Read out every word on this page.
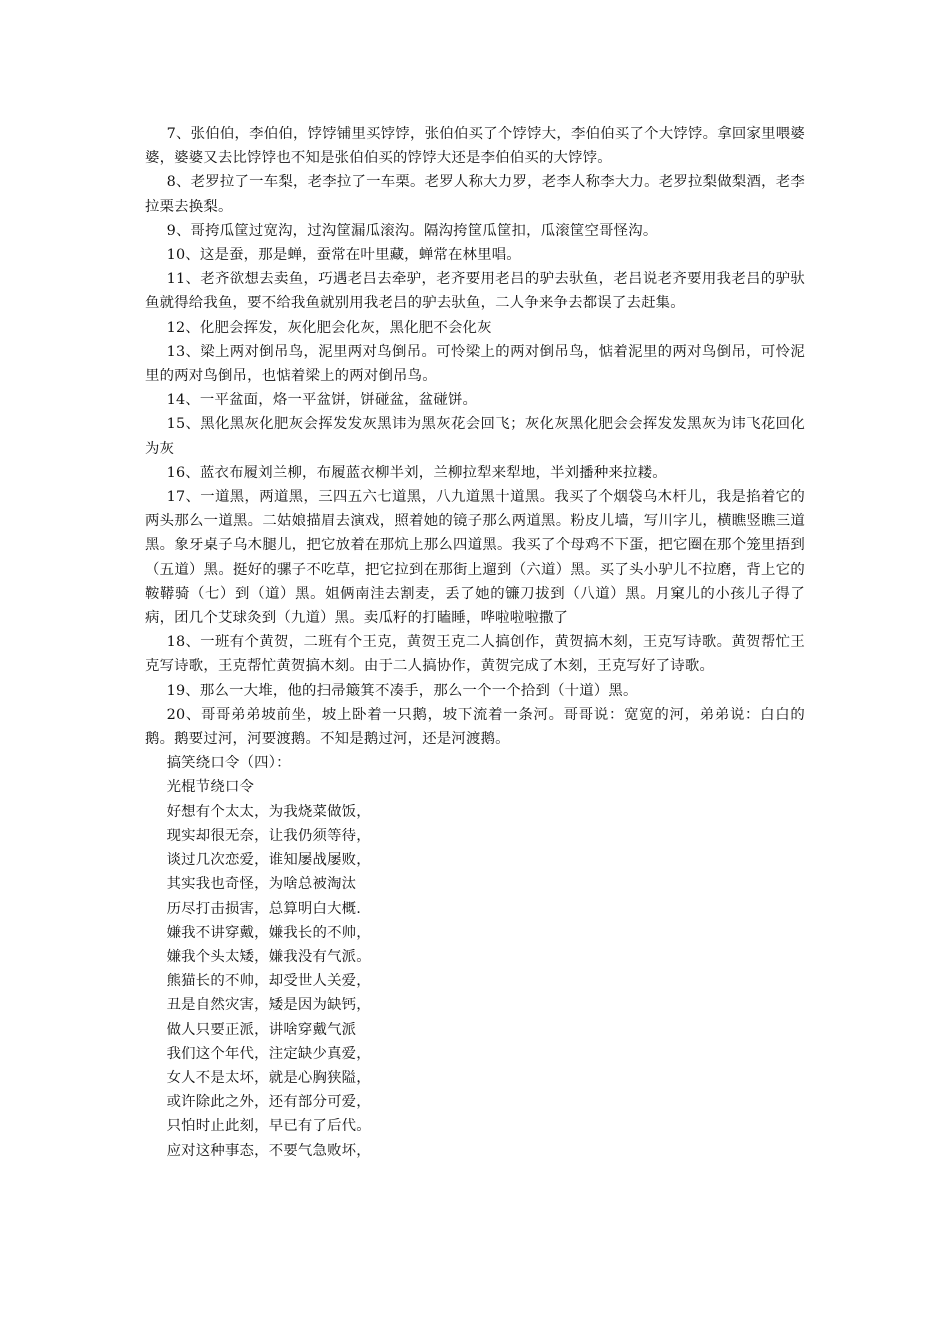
7、张伯伯，李伯伯，饽饽铺里买饽饽，张伯伯买了个饽饽大，李伯伯买了个大饽饽。拿回家里喂婆婆，婆婆又去比饽饽也不知是张伯伯买的饽饽大还是李伯伯买的大饽饽。

8、老罗拉了一车梨，老李拉了一车栗。老罗人称大力罗，老李人称李大力。老罗拉梨做梨酒，老李拉栗去换梨。

9、哥挎瓜筐过宽沟，过沟筐漏瓜滚沟。隔沟挎筐瓜筐扣，瓜滚筐空哥怪沟。

10、这是蚕，那是蝉，蚕常在叶里藏，蝉常在林里唱。

11、老齐欲想去卖鱼，巧遇老吕去牵驴，老齐要用老吕的驴去驮鱼，老吕说老齐要用我老吕的驴驮鱼就得给我鱼，要不给我鱼就别用我老吕的驴去驮鱼，二人争来争去都误了去赶集。

12、化肥会挥发，灰化肥会化灰，黑化肥不会化灰

13、梁上两对倒吊鸟，泥里两对鸟倒吊。可怜梁上的两对倒吊鸟，惦着泥里的两对鸟倒吊，可怜泥里的两对鸟倒吊，也惦着梁上的两对倒吊鸟。

14、一平盆面，烙一平盆饼，饼碰盆，盆碰饼。

15、黑化黑灰化肥灰会挥发发灰黑讳为黑灰花会回飞；灰化灰黑化肥会会挥发发黑灰为讳飞花回化为灰

16、蓝衣布履刘兰柳，布履蓝衣柳半刘，兰柳拉犁来犁地，半刘播种来拉耧。

17、一道黑，两道黑，三四五六七道黑，八九道黑十道黑。我买了个烟袋乌木杆儿，我是掐着它的两头那么一道黑。二姑娘描眉去演戏，照着她的镜子那么两道黑。粉皮儿墙，写川字儿，横瞧竖瞧三道黑。象牙桌子乌木腿儿，把它放着在那炕上那么四道黑。我买了个母鸡不下蛋，把它圈在那个笼里捂到（五道）黑。挺好的骡子不吃草，把它拉到在那街上遛到（六道）黑。买了头小驴儿不拉磨，背上它的鞍鞯骑（七）到（道）黑。姐俩南洼去割麦，丢了她的镰刀拔到（八道）黑。月窠儿的小孩儿子得了病，团几个艾球灸到（九道）黑。卖瓜籽的打瞌睡，哗啦啦啦撒了

18、一班有个黄贺，二班有个王克，黄贺王克二人搞创作，黄贺搞木刻，王克写诗歌。黄贺帮忙王克写诗歌，王克帮忙黄贺搞木刻。由于二人搞协作，黄贺完成了木刻，王克写好了诗歌。

19、那么一大堆，他的扫帚簸箕不凑手，那么一个一个拾到（十道）黑。

20、哥哥弟弟坡前坐，坡上卧着一只鹅，坡下流着一条河。哥哥说：宽宽的河，弟弟说：白白的鹅。鹅要过河，河要渡鹅。不知是鹅过河，还是河渡鹅。

搞笑绕口令（四）：

光棍节绕口令

好想有个太太，为我烧菜做饭，

现实却很无奈，让我仍须等待，

谈过几次恋爱，谁知屡战屡败，

其实我也奇怪，为啥总被淘汰

历尽打击损害，总算明白大概.

嫌我不讲穿戴，嫌我长的不帅，

嫌我个头太矮，嫌我没有气派。

熊猫长的不帅，却受世人关爱，

丑是自然灾害，矮是因为缺钙，

做人只要正派，讲啥穿戴气派

我们这个年代，注定缺少真爱，

女人不是太坏，就是心胸狭隘，

或许除此之外，还有部分可爱，

只怕时止此刻，早已有了后代。

应对这种事态，不要气急败坏，
